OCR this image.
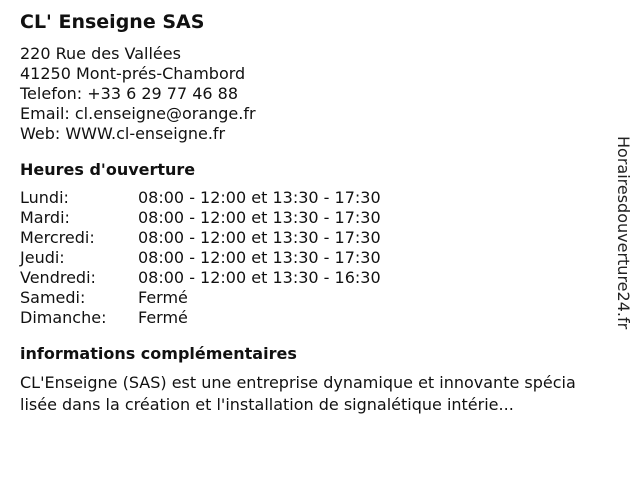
CL' Enseigne SAS
220 Rue des Vallées
41250 Mont-prés-Chambord
Telefon: +33 6 29 77 46 88
Email: cl.enseigne@orange.fr
Web: WWW.cl-enseigne.fr
Heures d'ouverture
Lundi:	08:00 - 12:00 et 13:30 - 17:30
Mardi:	08:00 - 12:00 et 13:30 - 17:30
Mercredi:	08:00 - 12:00 et 13:30 - 17:30
Jeudi:	08:00 - 12:00 et 13:30 - 17:30
Vendredi:	08:00 - 12:00 et 13:30 - 16:30
Samedi:	Fermé
Dimanche:	Fermé
informations complémentaires
CL'Enseigne (SAS) est une entreprise dynamique et innovante spécialisée dans la création et l'installation de signalétique intérie...
Horairesdouverture24.fr
